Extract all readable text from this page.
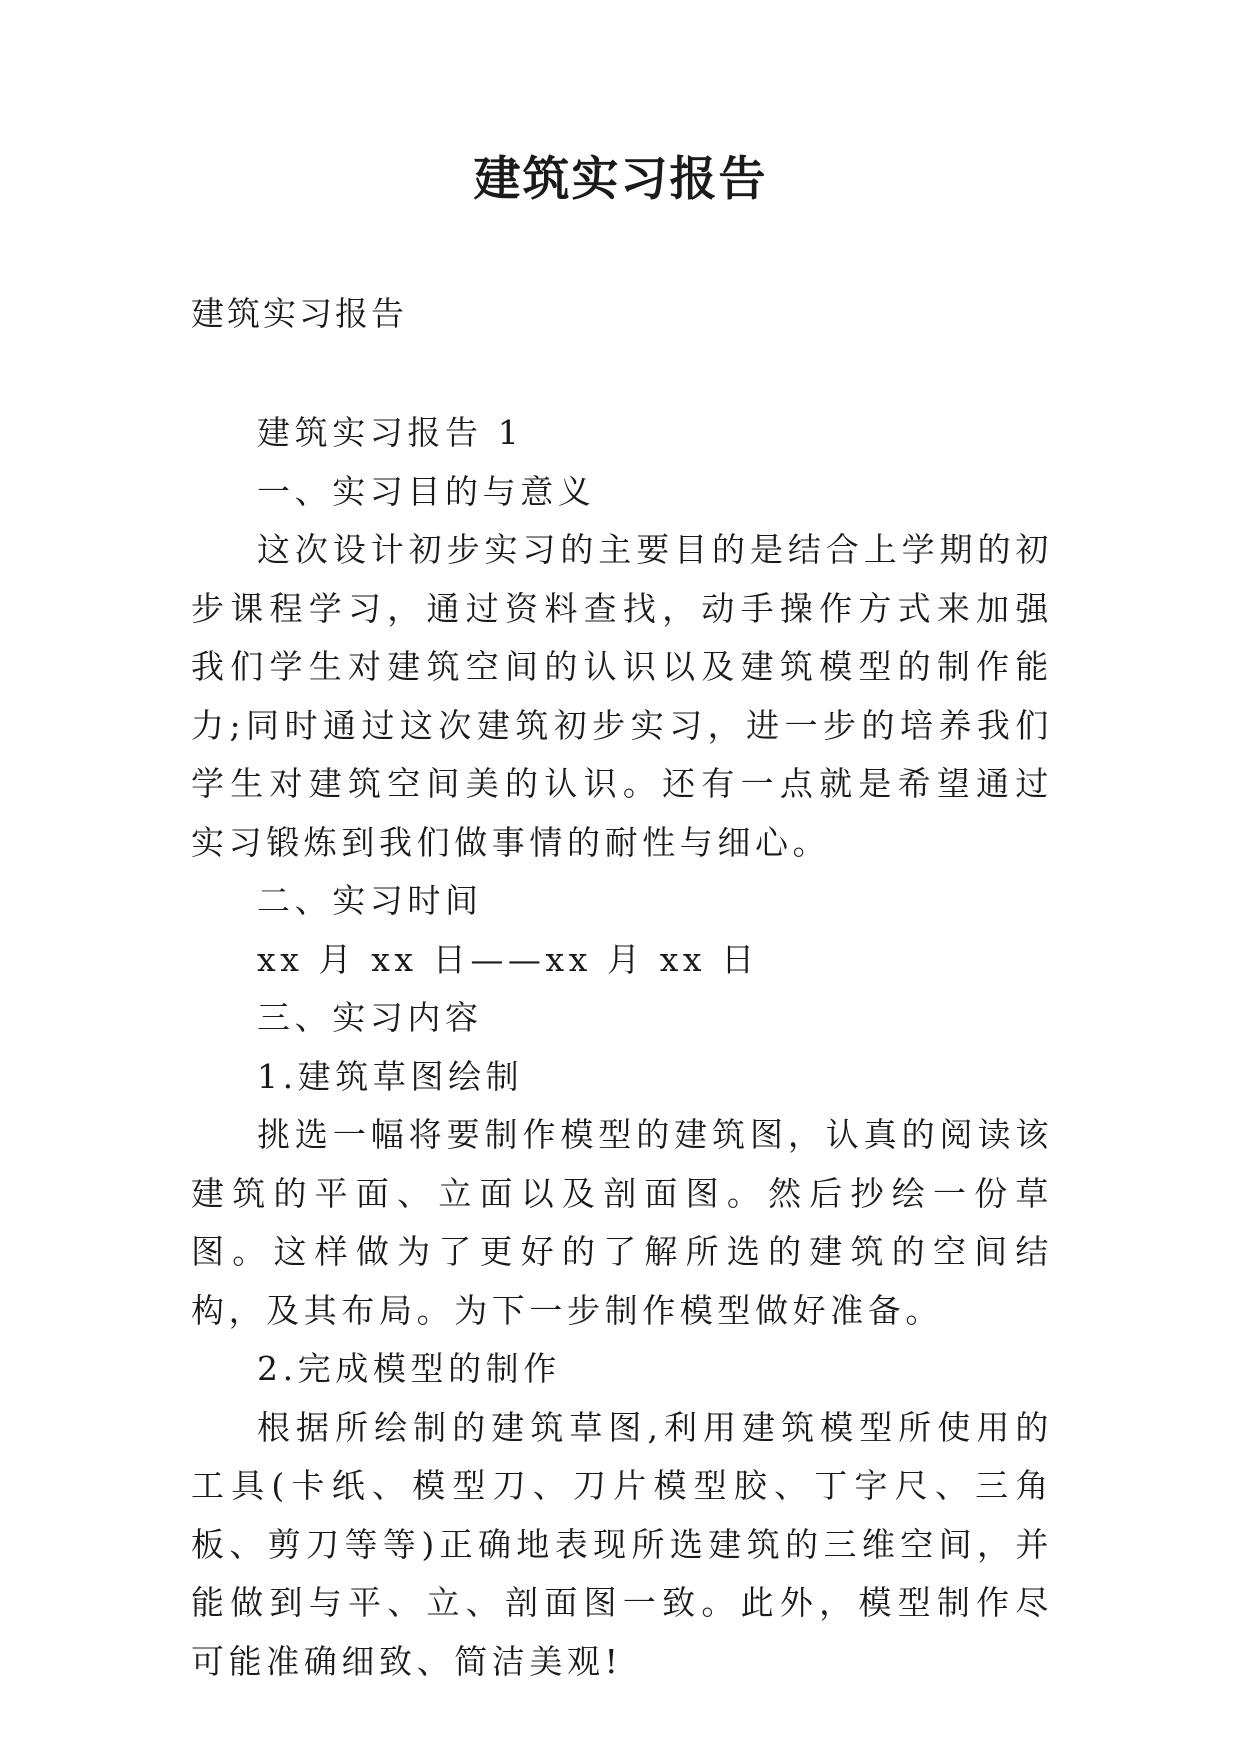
建筑实习报告
建筑实习报告

建筑实习报告 1

一、实习目的与意义

这次设计初步实习的主要目的是结合上学期的初步课程学习，通过资料查找，动手操作方式来加强我们学生对建筑空间的认识以及建筑模型的制作能力;同时通过这次建筑初步实习，进一步的培养我们学生对建筑空间美的认识。还有一点就是希望通过实习锻炼到我们做事情的耐性与细心。

二、实习时间

xx 月 xx 日——xx 月 xx 日

三、实习内容

1.建筑草图绘制

挑选一幅将要制作模型的建筑图，认真的阅读该建筑的平面、立面以及剖面图。然后抄绘一份草图。这样做为了更好的了解所选的建筑的空间结构，及其布局。为下一步制作模型做好准备。

2.完成模型的制作

根据所绘制的建筑草图,利用建筑模型所使用的工具(卡纸、模型刀、刀片模型胶、丁字尺、三角板、剪刀等等)正确地表现所选建筑的三维空间，并能做到与平、立、剖面图一致。此外，模型制作尽可能准确细致、简洁美观!
